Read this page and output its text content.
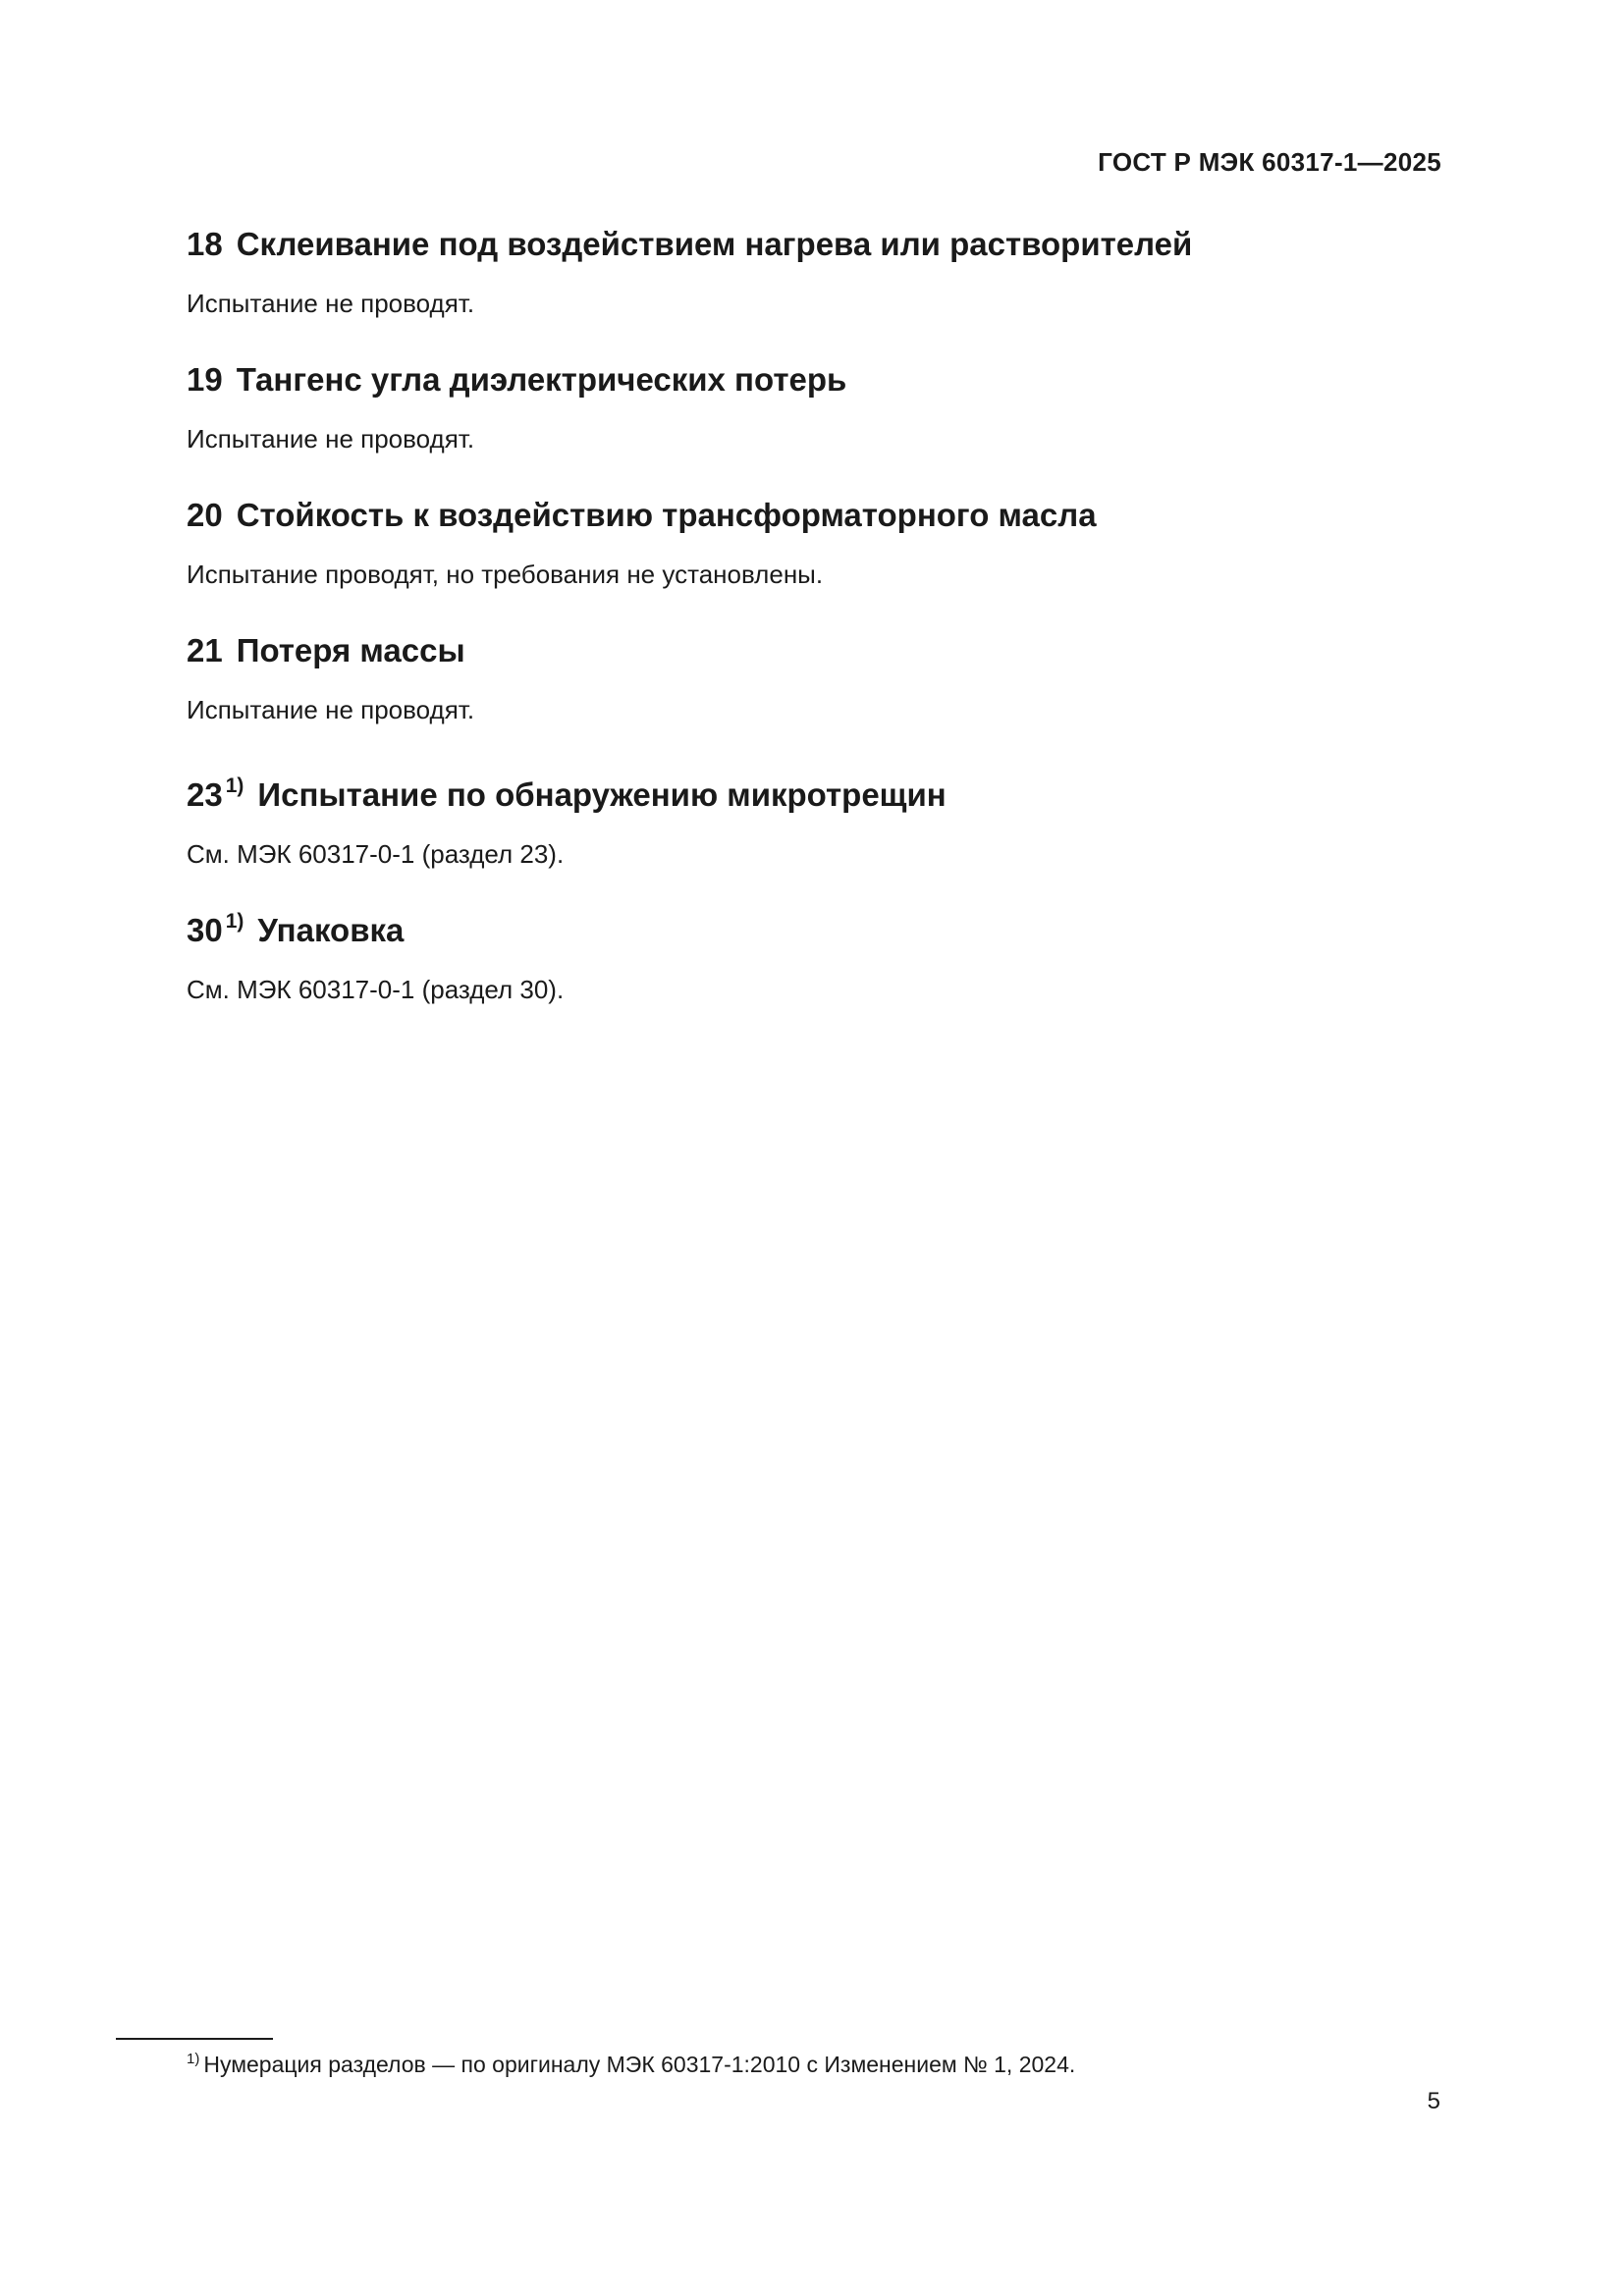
ГОСТ Р МЭК 60317-1—2025
18 Склеивание под воздействием нагрева или растворителей
Испытание не проводят.
19 Тангенс угла диэлектрических потерь
Испытание не проводят.
20 Стойкость к воздействию трансформаторного масла
Испытание проводят, но требования не установлены.
21 Потеря массы
Испытание не проводят.
23 $^{1)}$ Испытание по обнаружению микротрещин
См. МЭК 60317-0-1 (раздел 23).
30 $^{1)}$ Упаковка
См. МЭК 60317-0-1 (раздел 30).
$^{1)}$ Нумерация разделов — по оригиналу МЭК 60317-1:2010 с Изменением № 1, 2024.
5
